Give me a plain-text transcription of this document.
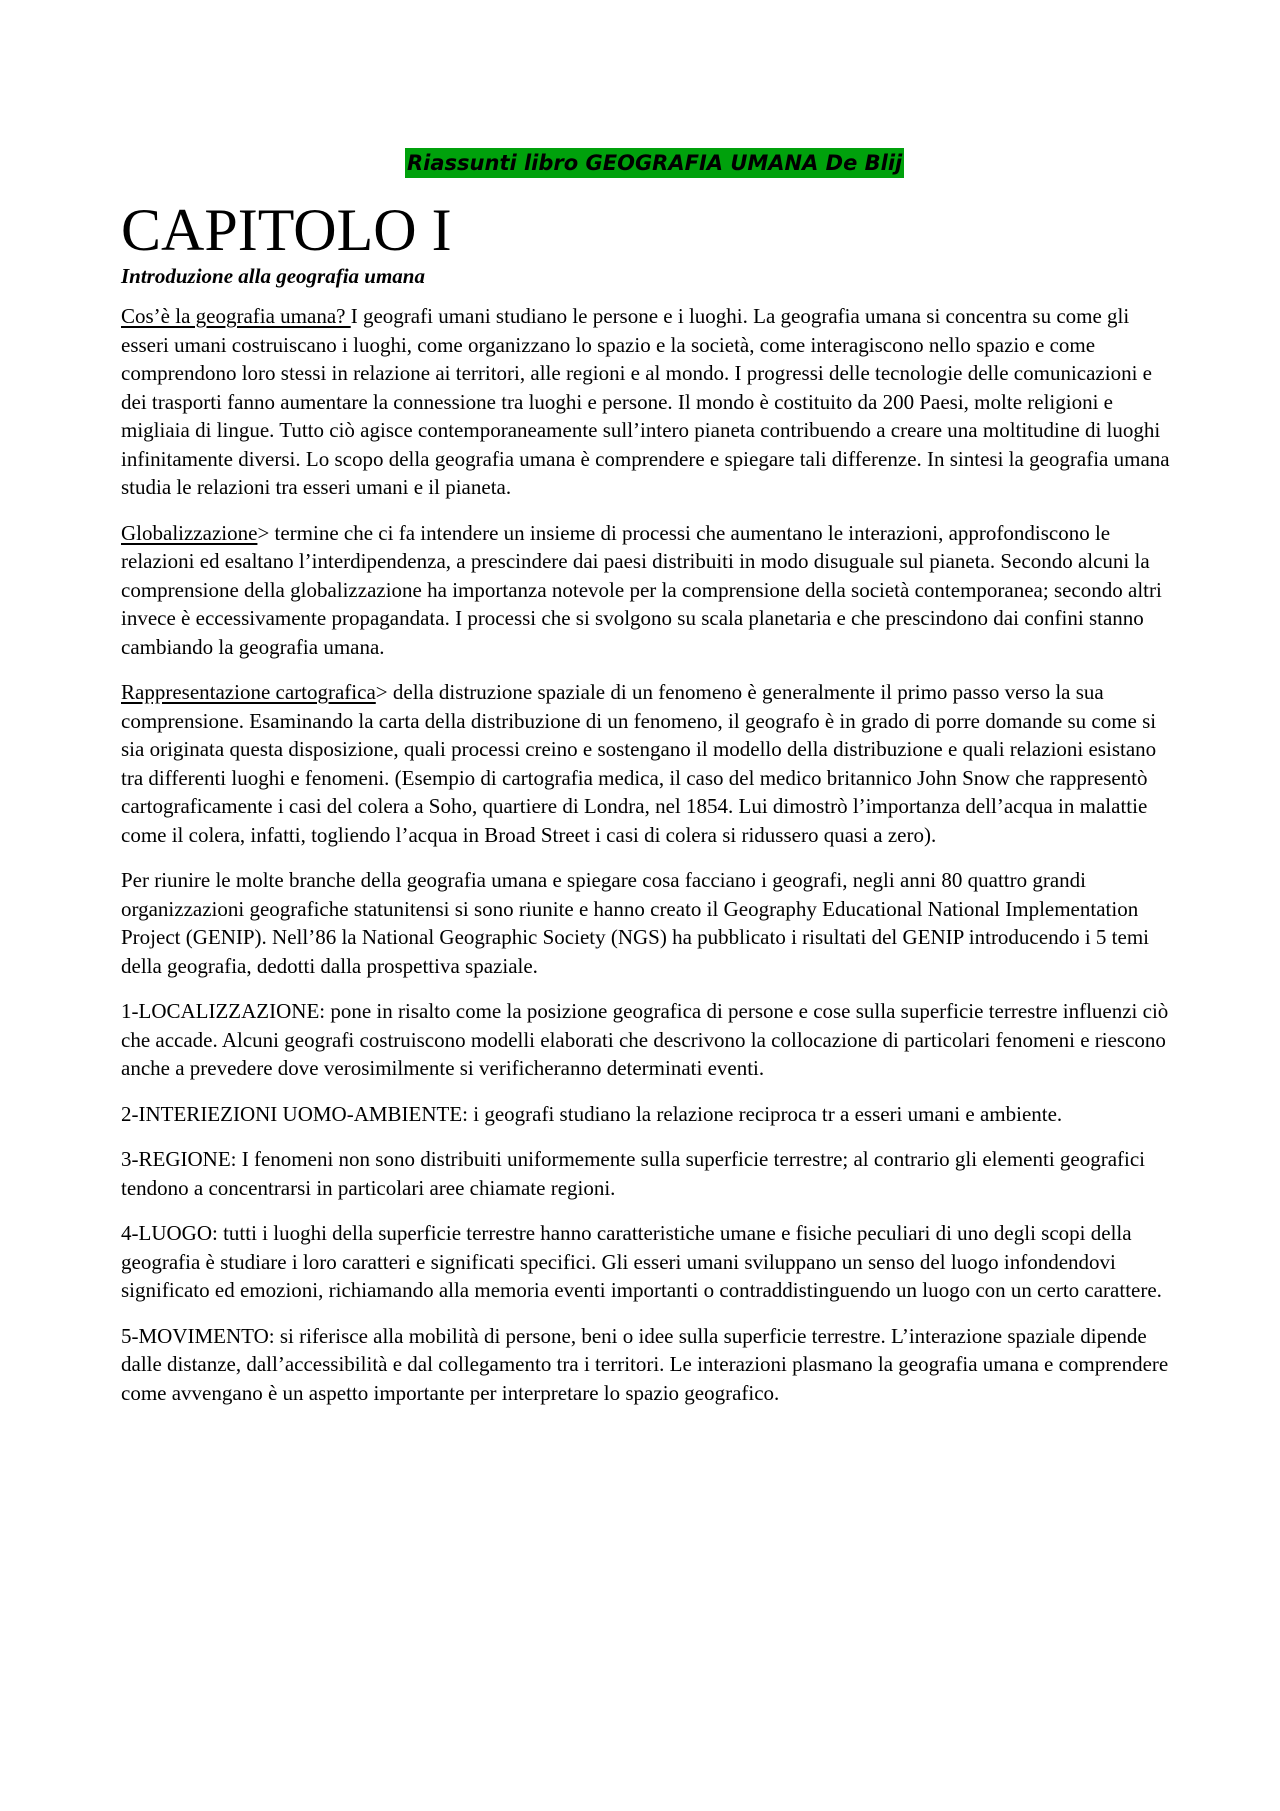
Riassunti libro GEOGRAFIA UMANA De Blij
CAPITOLO I
Introduzione alla geografia umana

Cos’è la geografia umana? I geografi umani studiano le persone e i luoghi. La geografia umana si concentra su come gli esseri umani costruiscano i luoghi, come organizzano lo spazio e la società, come interagiscono nello spazio e come comprendono loro stessi in relazione ai territori, alle regioni e al mondo. I progressi delle tecnologie delle comunicazioni e dei trasporti fanno aumentare la connessione tra luoghi e persone. Il mondo è costituito da 200 Paesi, molte religioni e migliaia di lingue. Tutto ciò agisce contemporaneamente sull’intero pianeta contribuendo a creare una moltitudine di luoghi infinitamente diversi. Lo scopo della geografia umana è comprendere e spiegare tali differenze. In sintesi la geografia umana studia le relazioni tra esseri umani e il pianeta.

Globalizzazione> termine che ci fa intendere un insieme di processi che aumentano le interazioni, approfondiscono le relazioni ed esaltano l’interdipendenza, a prescindere dai paesi distribuiti in modo disuguale sul pianeta. Secondo alcuni la comprensione della globalizzazione ha importanza notevole per la comprensione della società contemporanea; secondo altri invece è eccessivamente propagandata. I processi che si svolgono su scala planetaria e che prescindono dai confini stanno cambiando la geografia umana.

Rappresentazione cartografica> della distruzione spaziale di un fenomeno è generalmente il primo passo verso la sua comprensione. Esaminando la carta della distribuzione di un fenomeno, il geografo è in grado di porre domande su come si sia originata questa disposizione, quali processi creino e sostengano il modello della distribuzione e quali relazioni esistano tra differenti luoghi e fenomeni. (Esempio di cartografia medica, il caso del medico britannico John Snow che rappresentò cartograficamente i casi del colera a Soho, quartiere di Londra, nel 1854. Lui dimostrò l’importanza dell’acqua in malattie come il colera, infatti, togliendo l’acqua in Broad Street i casi di colera si ridussero quasi a zero).

Per riunire le molte branche della geografia umana e spiegare cosa facciano i geografi, negli anni 80 quattro grandi organizzazioni geografiche statunitensi si sono riunite e hanno creato il Geography Educational National Implementation Project (GENIP). Nell’86 la National Geographic Society (NGS) ha pubblicato i risultati del GENIP introducendo i 5 temi della geografia, dedotti dalla prospettiva spaziale.

1-LOCALIZZAZIONE: pone in risalto come la posizione geografica di persone e cose sulla superficie terrestre influenzi ciò che accade. Alcuni geografi costruiscono modelli elaborati che descrivono la collocazione di particolari fenomeni e riescono anche a prevedere dove verosimilmente si verificheranno determinati eventi.

2-INTERIEZIONI UOMO-AMBIENTE: i geografi studiano la relazione reciproca tr a esseri umani e ambiente.

3-REGIONE: I fenomeni non sono distribuiti uniformemente sulla superficie terrestre; al contrario gli elementi geografici tendono a concentrarsi in particolari aree chiamate regioni.

4-LUOGO: tutti i luoghi della superficie terrestre hanno caratteristiche umane e fisiche peculiari di uno degli scopi della geografia è studiare i loro caratteri e significati specifici. Gli esseri umani sviluppano un senso del luogo infondendovi significato ed emozioni, richiamando alla memoria eventi importanti o contraddistinguendo un luogo con un certo carattere.

5-MOVIMENTO: si riferisce alla mobilità di persone, beni o idee sulla superficie terrestre. L’interazione spaziale dipende dalle distanze, dall’accessibilità e dal collegamento tra i territori. Le interazioni plasmano la geografia umana e comprendere come avvengano è un aspetto importante per interpretare lo spazio geografico.
